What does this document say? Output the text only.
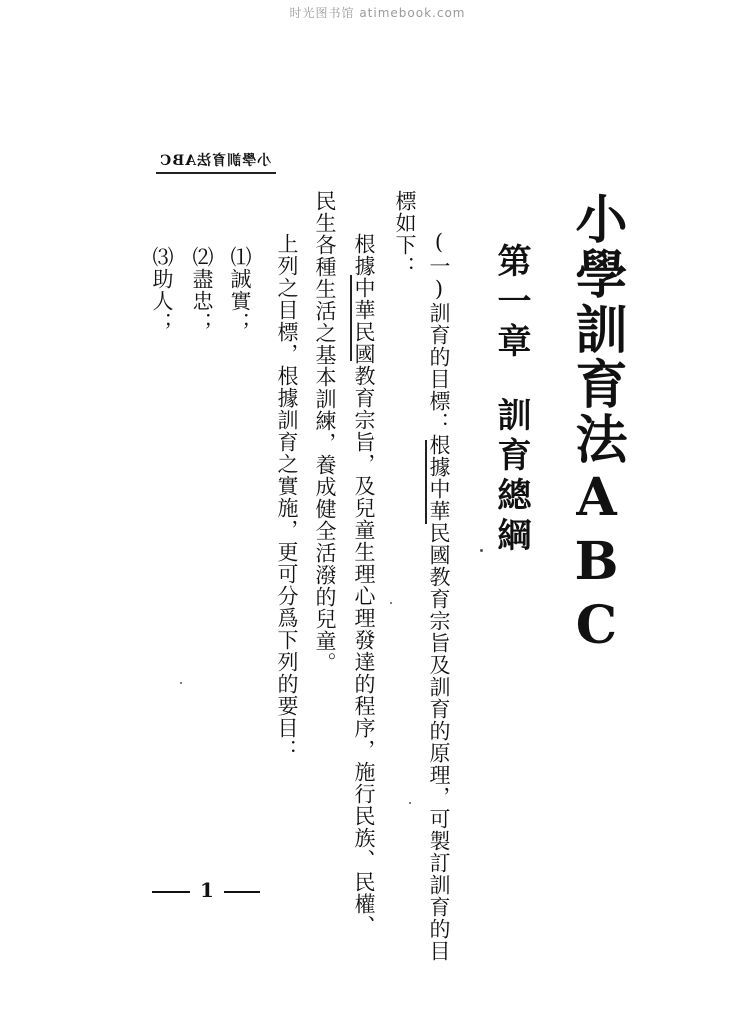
时光图书馆 atimebook.com
小學訓育法ABC
小學訓育法ABC
第一章訓育總綱
(一)訓育的目標：根據中華民國教育宗旨及訓育的原理，可製訂訓育的目
標如下：
根據中華民國教育宗旨，及兒童生理心理發達的程序，施行民族、民權、
民生各種生活之基本訓練，養成健全活潑的兒童。
上列之目標，根據訓育之實施，更可分爲下列的要目：
⑴誠實；
⑵盡忠；
⑶助人；
1
